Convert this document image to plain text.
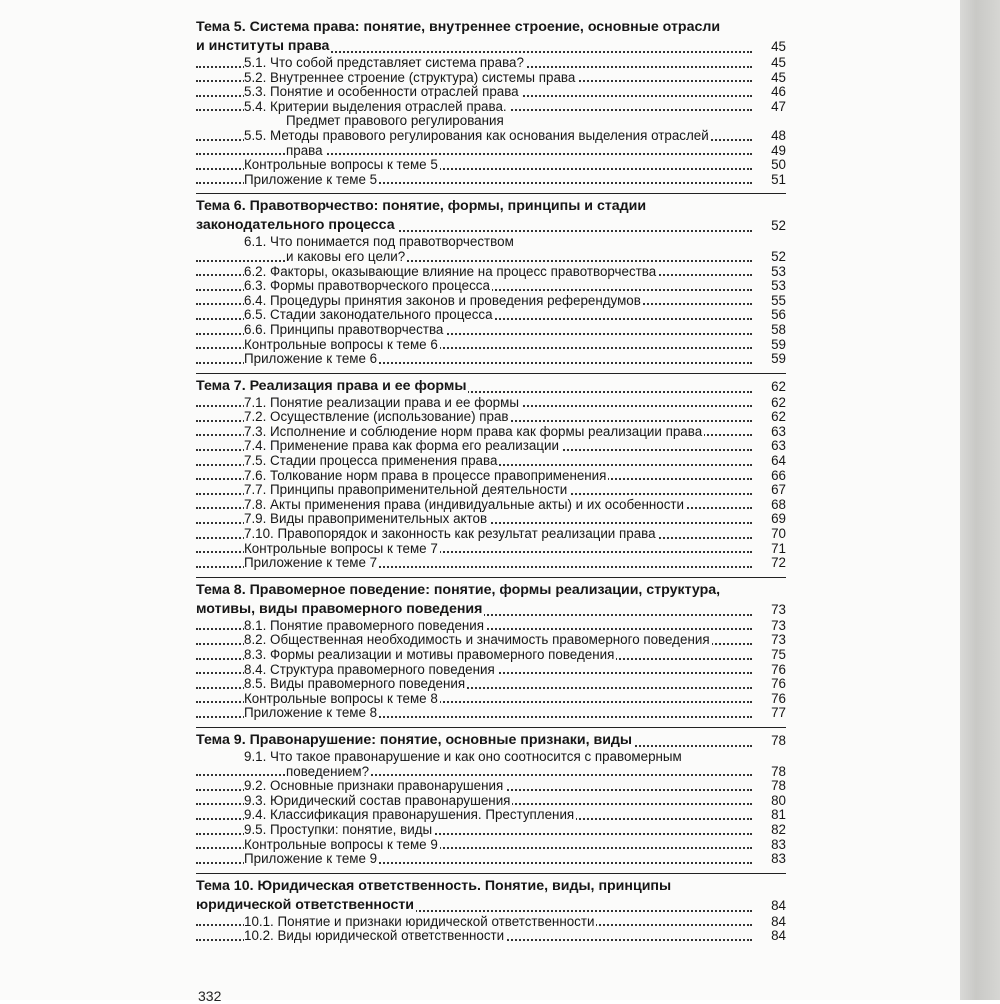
Тема 5. Система права: понятие, внутреннее строение, основные отрасли
и институты права	45
5.1. Что собой представляет система права?	45
5.2. Внутреннее строение (структура) системы права	45
5.3. Понятие и особенности отраслей права	46
5.4. Критерии выделения отраслей права.	47
Предмет правового регулирования
5.5. Методы правового регулирования как основания выделения отраслей	48
права	49
Контрольные вопросы к теме 5	50
Приложение к теме 5	51
Тема 6. Правотворчество: понятие, формы, принципы и стадии
законодательного процесса	52
6.1. Что понимается под правотворчеством
и каковы его цели?	52
6.2. Факторы, оказывающие влияние на процесс правотворчества	53
6.3. Формы правотворческого процесса	53
6.4. Процедуры принятия законов и проведения референдумов	55
6.5. Стадии законодательного процесса	56
6.6. Принципы правотворчества	58
Контрольные вопросы к теме 6	59
Приложение к теме 6	59
Тема 7. Реализация права и ее формы	62
7.1. Понятие реализации права и ее формы	62
7.2. Осуществление (использование) прав	62
7.3. Исполнение и соблюдение норм права как формы реализации права	63
7.4. Применение права как форма его реализации	63
7.5. Стадии процесса применения права	64
7.6. Толкование норм права в процессе правоприменения	66
7.7. Принципы правоприменительной деятельности	67
7.8. Акты применения права (индивидуальные акты) и их особенности	68
7.9. Виды правоприменительных актов	69
7.10. Правопорядок и законность как результат реализации права	70
Контрольные вопросы к теме 7	71
Приложение к теме 7	72
Тема 8. Правомерное поведение: понятие, формы реализации, структура,
мотивы, виды правомерного поведения	73
8.1. Понятие правомерного поведения	73
8.2. Общественная необходимость и значимость правомерного поведения	73
8.3. Формы реализации и мотивы правомерного поведения	75
8.4. Структура правомерного поведения	76
8.5. Виды правомерного поведения	76
Контрольные вопросы к теме 8	76
Приложение к теме 8	77
Тема 9. Правонарушение: понятие, основные признаки, виды	78
9.1. Что такое правонарушение и как оно соотносится с правомерным
поведением?	78
9.2. Основные признаки правонарушения	78
9.3. Юридический состав правонарушения	80
9.4. Классификация правонарушения. Преступления	81
9.5. Проступки: понятие, виды	82
Контрольные вопросы к теме 9	83
Приложение к теме 9	83
Тема 10. Юридическая ответственность. Понятие, виды, принципы
юридической ответственности	84
10.1. Понятие и признаки юридической ответственности	84
10.2. Виды юридической ответственности	84
332
